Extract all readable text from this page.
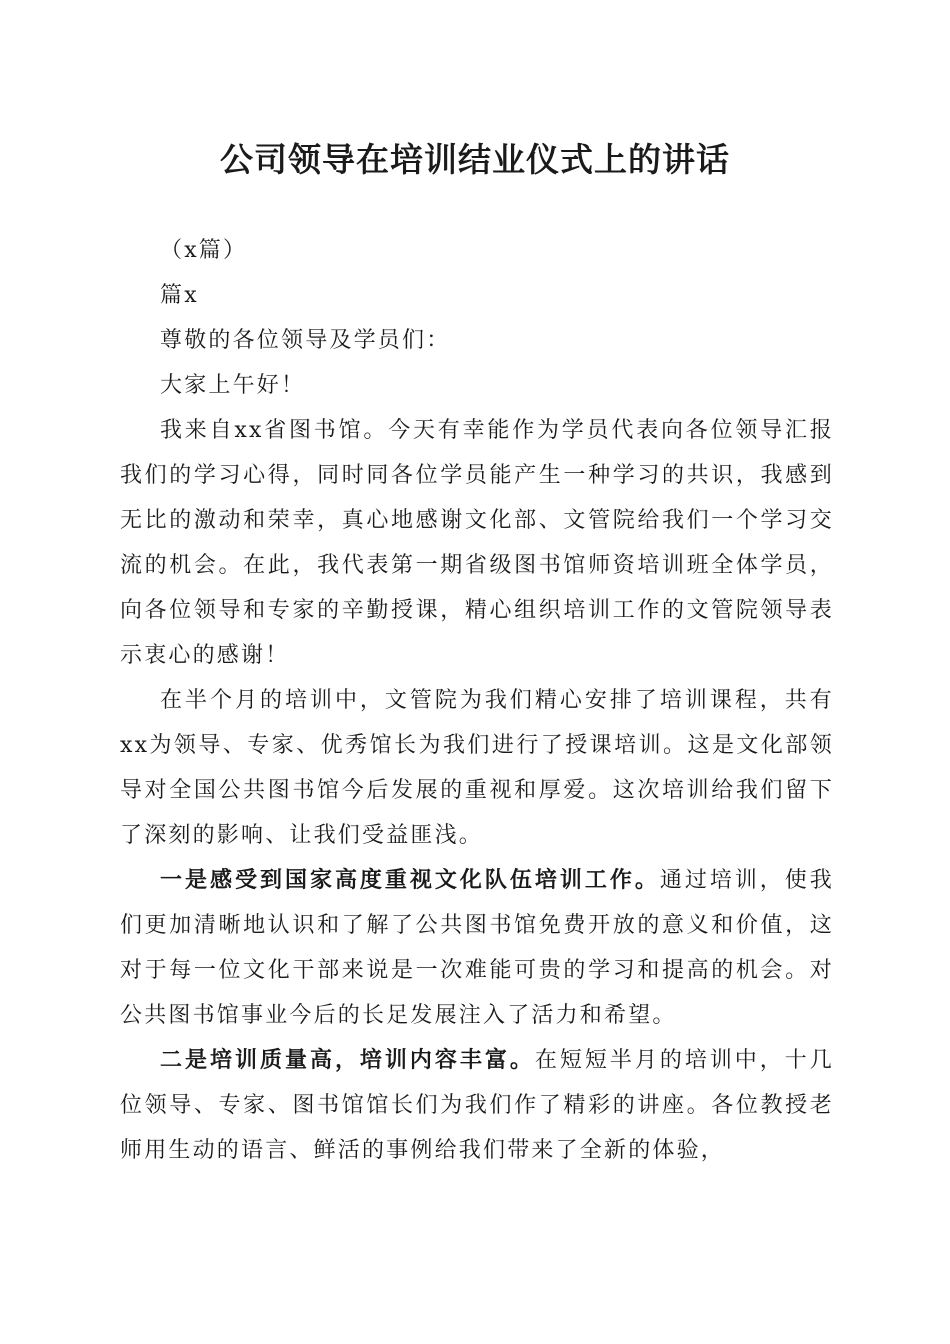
公司领导在培训结业仪式上的讲话

（x篇）

篇x

尊敬的各位领导及学员们：

大家上午好！

我来自xx省图书馆。今天有幸能作为学员代表向各位领导汇报我们的学习心得，同时同各位学员能产生一种学习的共识，我感到无比的激动和荣幸，真心地感谢文化部、文管院给我们一个学习交流的机会。在此，我代表第一期省级图书馆师资培训班全体学员，向各位领导和专家的辛勤授课，精心组织培训工作的文管院领导表示衷心的感谢！

在半个月的培训中，文管院为我们精心安排了培训课程，共有xx为领导、专家、优秀馆长为我们进行了授课培训。这是文化部领导对全国公共图书馆今后发展的重视和厚爱。这次培训给我们留下了深刻的影响、让我们受益匪浅。

一是感受到国家高度重视文化队伍培训工作。通过培训，使我们更加清晰地认识和了解了公共图书馆免费开放的意义和价值，这对于每一位文化干部来说是一次难能可贵的学习和提高的机会。对公共图书馆事业今后的长足发展注入了活力和希望。

二是培训质量高，培训内容丰富。在短短半月的培训中，十几位领导、专家、图书馆馆长们为我们作了精彩的讲座。各位教授老师用生动的语言、鲜活的事例给我们带来了全新的体验，
